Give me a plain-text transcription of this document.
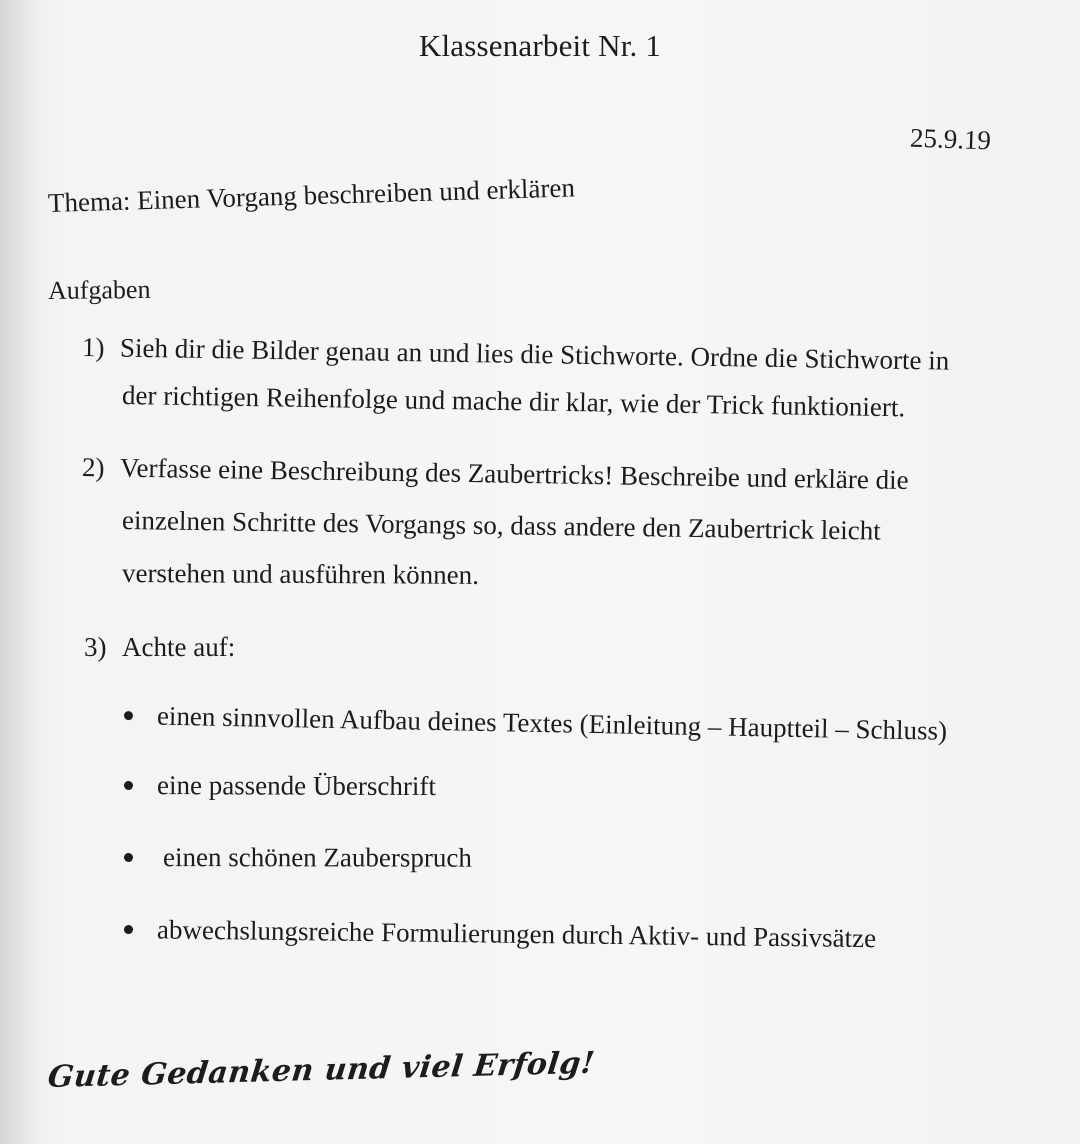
Klassenarbeit Nr. 1
25.9.19
Thema: Einen Vorgang beschreiben und erklären
Aufgaben
1) Sieh dir die Bilder genau an und lies die Stichworte. Ordne die Stichworte in
der richtigen Reihenfolge und mache dir klar, wie der Trick funktioniert.
2) Verfasse eine Beschreibung des Zaubertricks! Beschreibe und erkläre die
einzelnen Schritte des Vorgangs so, dass andere den Zaubertrick leicht
verstehen und ausführen können.
3) Achte auf:
einen sinnvollen Aufbau deines Textes (Einleitung – Hauptteil – Schluss)
eine passende Überschrift
einen schönen Zauberspruch
abwechslungsreiche Formulierungen durch Aktiv- und Passivsätze
Gute Gedanken und viel Erfolg!
